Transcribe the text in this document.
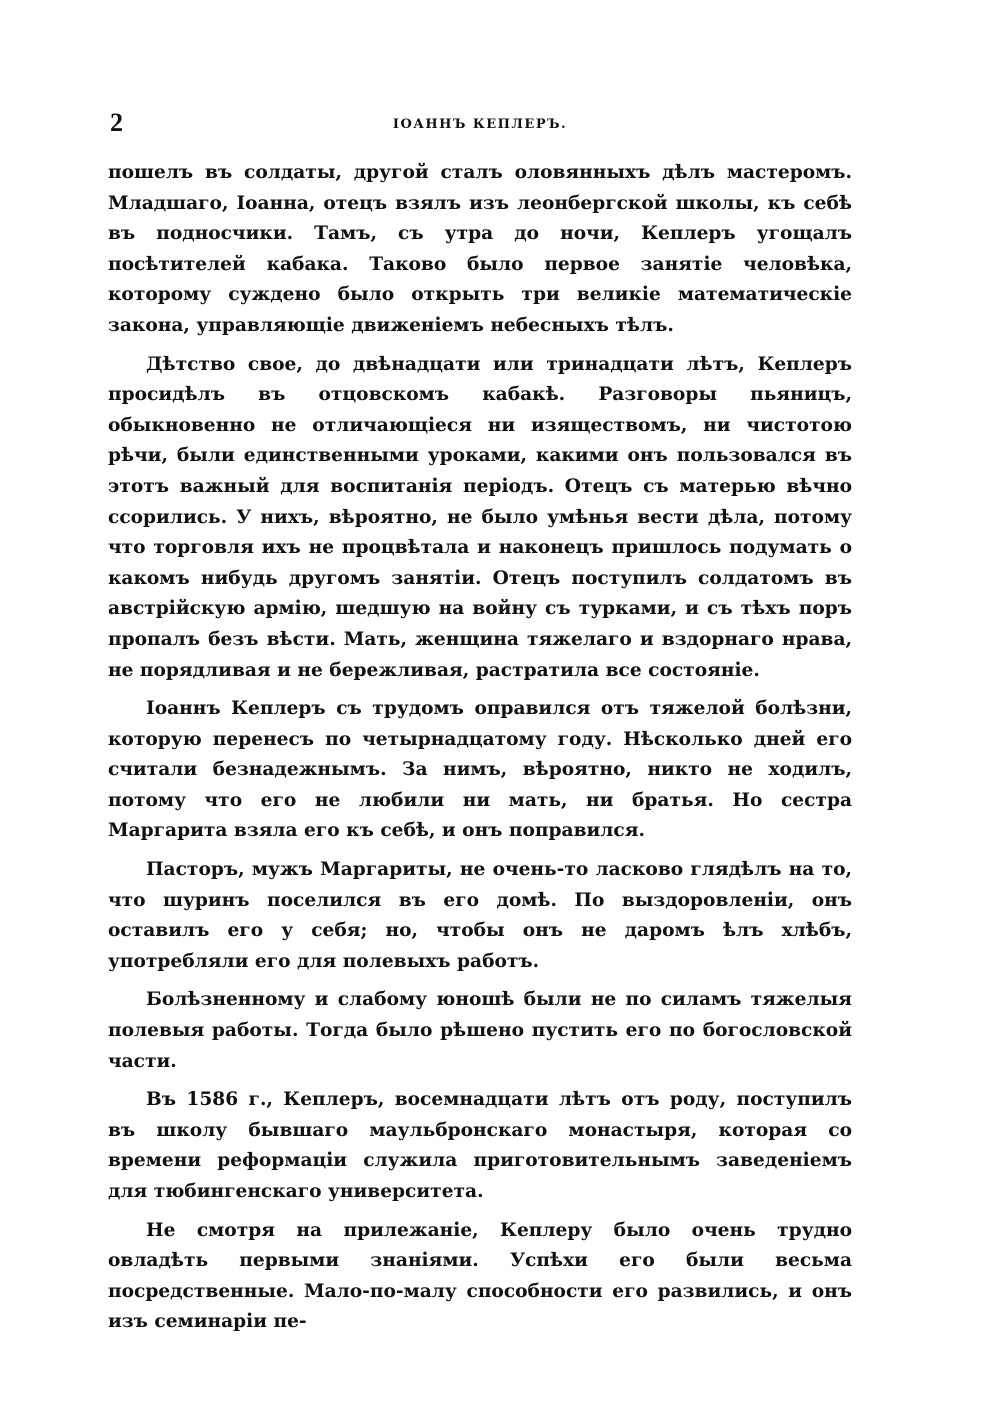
2	ІОАННЪ КЕПЛЕРЪ.

пошелъ въ солдаты, другой сталъ оловянныхъ дѣлъ мастеромъ. Младшаго, Іоанна, отецъ взялъ изъ леонбергской школы, къ себѣ въ подносчики. Тамъ, съ утра до ночи, Кеплеръ угощалъ посѣтителей кабака. Таково было первое занятіе человѣка, которому суждено было открыть три великіе математическіе закона, управляющіе движеніемъ небесныхъ тѣлъ.

Дѣтство свое, до двѣнадцати или тринадцати лѣтъ, Кеплеръ просидѣлъ въ отцовскомъ кабакѣ. Разговоры пьяницъ, обыкновенно не отличающіеся ни изяществомъ, ни чистотою рѣчи, были единственными уроками, какими онъ пользовался въ этотъ важный для воспитанія періодъ. Отецъ съ матерью вѣчно ссорились. У нихъ, вѣроятно, не было умѣнья вести дѣла, потому что торговля ихъ не процвѣтала и наконецъ пришлось подумать о какомъ нибудь другомъ занятіи. Отецъ поступилъ солдатомъ въ австрійскую армію, шедшую на войну съ турками, и съ тѣхъ поръ пропалъ безъ вѣсти. Мать, женщина тяжелаго и вздорнаго нрава, не порядливая и не бережливая, растратила все состояніе.

Іоаннъ Кеплеръ съ трудомъ оправился отъ тяжелой болѣзни, которую перенесъ по четырнадцатому году. Нѣсколько дней его считали безнадежнымъ. За нимъ, вѣроятно, никто не ходилъ, потому что его не любили ни мать, ни братья. Но сестра Маргарита взяла его къ себѣ, и онъ поправился.

Пасторъ, мужъ Маргариты, не очень-то ласково глядѣлъ на то, что шуринъ поселился въ его домѣ. По выздоровленіи, онъ оставилъ его у себя; но, чтобы онъ не даромъ ѣлъ хлѣбъ, употребляли его для полевыхъ работъ.

Болѣзненному и слабому юношѣ были не по силамъ тяжелыя полевыя работы. Тогда было рѣшено пустить его по богословской части.

Въ 1586 г., Кеплеръ, восемнадцати лѣтъ отъ роду, поступилъ въ школу бывшаго маульбронскаго монастыря, которая со времени реформаціи служила приготовительнымъ заведеніемъ для тюбингенскаго университета.

Не смотря на прилежаніе, Кеплеру было очень трудно овладѣть первыми знаніями. Успѣхи его были весьма посредственные. Мало-по-малу способности его развились, и онъ изъ семинаріи пе-
